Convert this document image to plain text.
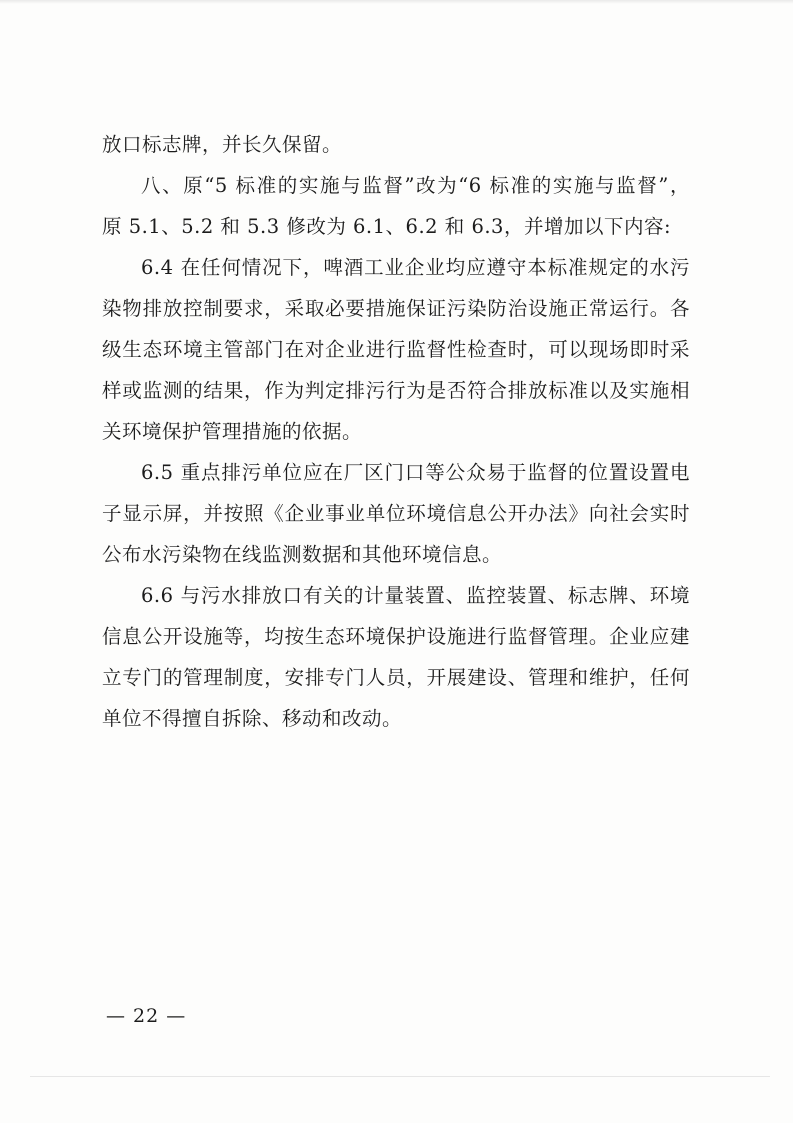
放口标志牌，并长久保留。
八、原“5 标准的实施与监督”改为“6 标准的实施与监督”，
原 5.1、5.2 和 5.3 修改为 6.1、6.2 和 6.3，并增加以下内容:
6.4 在任何情况下，啤酒工业企业均应遵守本标准规定的水污
染物排放控制要求，采取必要措施保证污染防治设施正常运行。各
级生态环境主管部门在对企业进行监督性检查时，可以现场即时采
样或监测的结果，作为判定排污行为是否符合排放标准以及实施相
关环境保护管理措施的依据。
6.5 重点排污单位应在厂区门口等公众易于监督的位置设置电
子显示屏，并按照《企业事业单位环境信息公开办法》向社会实时
公布水污染物在线监测数据和其他环境信息。
6.6 与污水排放口有关的计量装置、监控装置、标志牌、环境
信息公开设施等，均按生态环境保护设施进行监督管理。企业应建
立专门的管理制度，安排专门人员，开展建设、管理和维护，任何
单位不得擅自拆除、移动和改动。
— 22 —
